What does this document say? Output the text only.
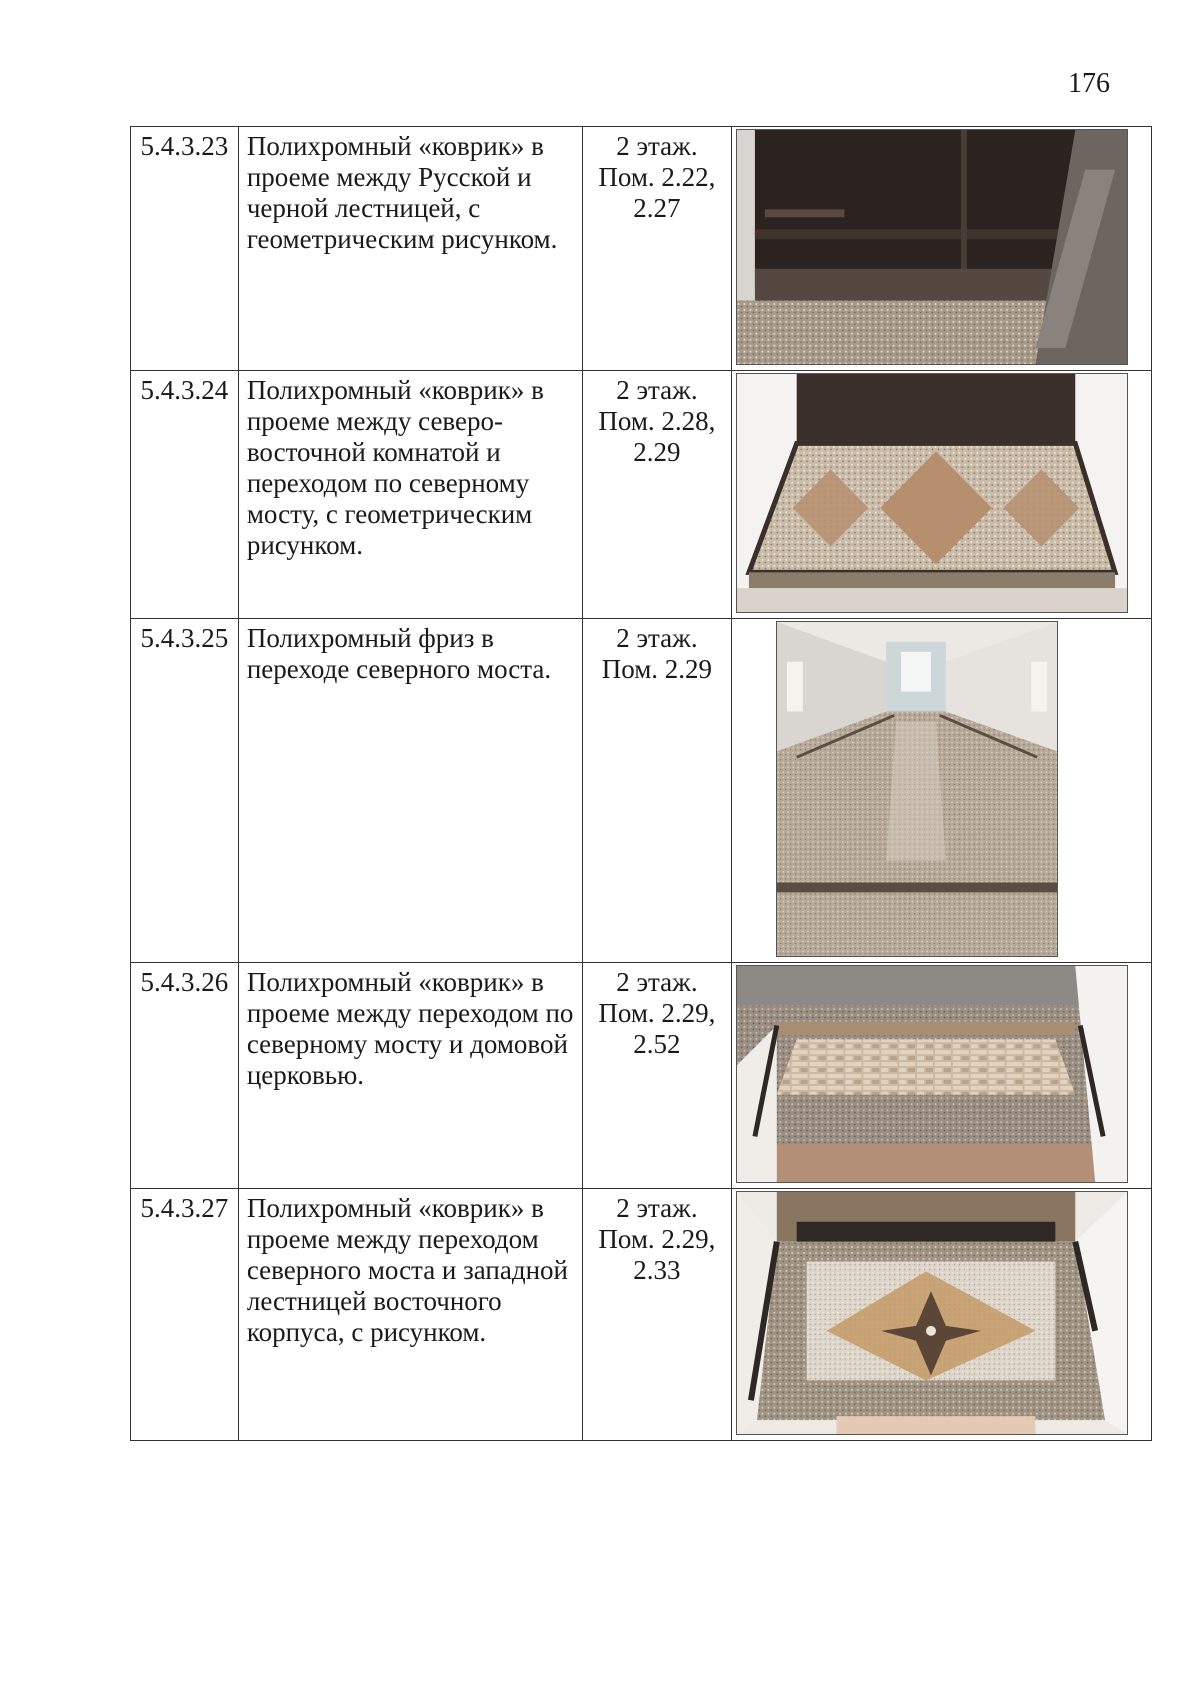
176
5.4.3.23	Полихромный «коврик» в проеме между Русской и черной лестницей, с геометрическим рисунком.	2 этаж.
Пом. 2.22,
2.27

5.4.3.24	Полихромный «коврик» в проеме между северо-восточной комнатой и переходом по северному мосту, с геометрическим рисунком.	2 этаж.
Пом. 2.28,
2.29

5.4.3.25	Полихромный фриз в переходе северного моста.	2 этаж.
Пом. 2.29

5.4.3.26	Полихромный «коврик» в проеме между переходом по северному мосту и домовой церковью.	2 этаж.
Пом. 2.29,
2.52

5.4.3.27	Полихромный «коврик» в проеме между переходом северного моста и западной лестницей восточного корпуса, с рисунком.	2 этаж.
Пом. 2.29,
2.33
